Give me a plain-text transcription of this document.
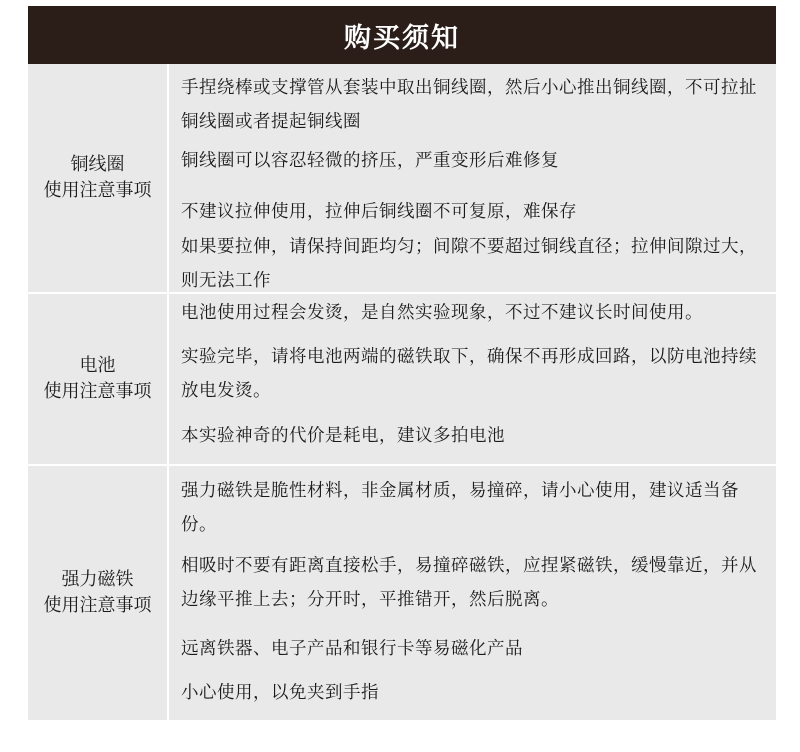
购买须知
铜线圈
使用注意事项
手捏绕棒或支撑管从套装中取出铜线圈，然后小心推出铜线圈，不可拉扯铜线圈或者提起铜线圈
铜线圈可以容忍轻微的挤压，严重变形后难修复
不建议拉伸使用，拉伸后铜线圈不可复原，难保存
如果要拉伸，请保持间距均匀；间隙不要超过铜线直径；拉伸间隙过大，则无法工作
电池
使用注意事项
电池使用过程会发烫，是自然实验现象，不过不建议长时间使用。
实验完毕，请将电池两端的磁铁取下，确保不再形成回路，以防电池持续放电发烫。
本实验神奇的代价是耗电，建议多拍电池
强力磁铁
使用注意事项
强力磁铁是脆性材料，非金属材质，易撞碎，请小心使用，建议适当备份。
相吸时不要有距离直接松手，易撞碎磁铁，应捏紧磁铁，缓慢靠近，并从边缘平推上去；分开时，平推错开，然后脱离。
远离铁器、电子产品和银行卡等易磁化产品
小心使用，以免夹到手指
